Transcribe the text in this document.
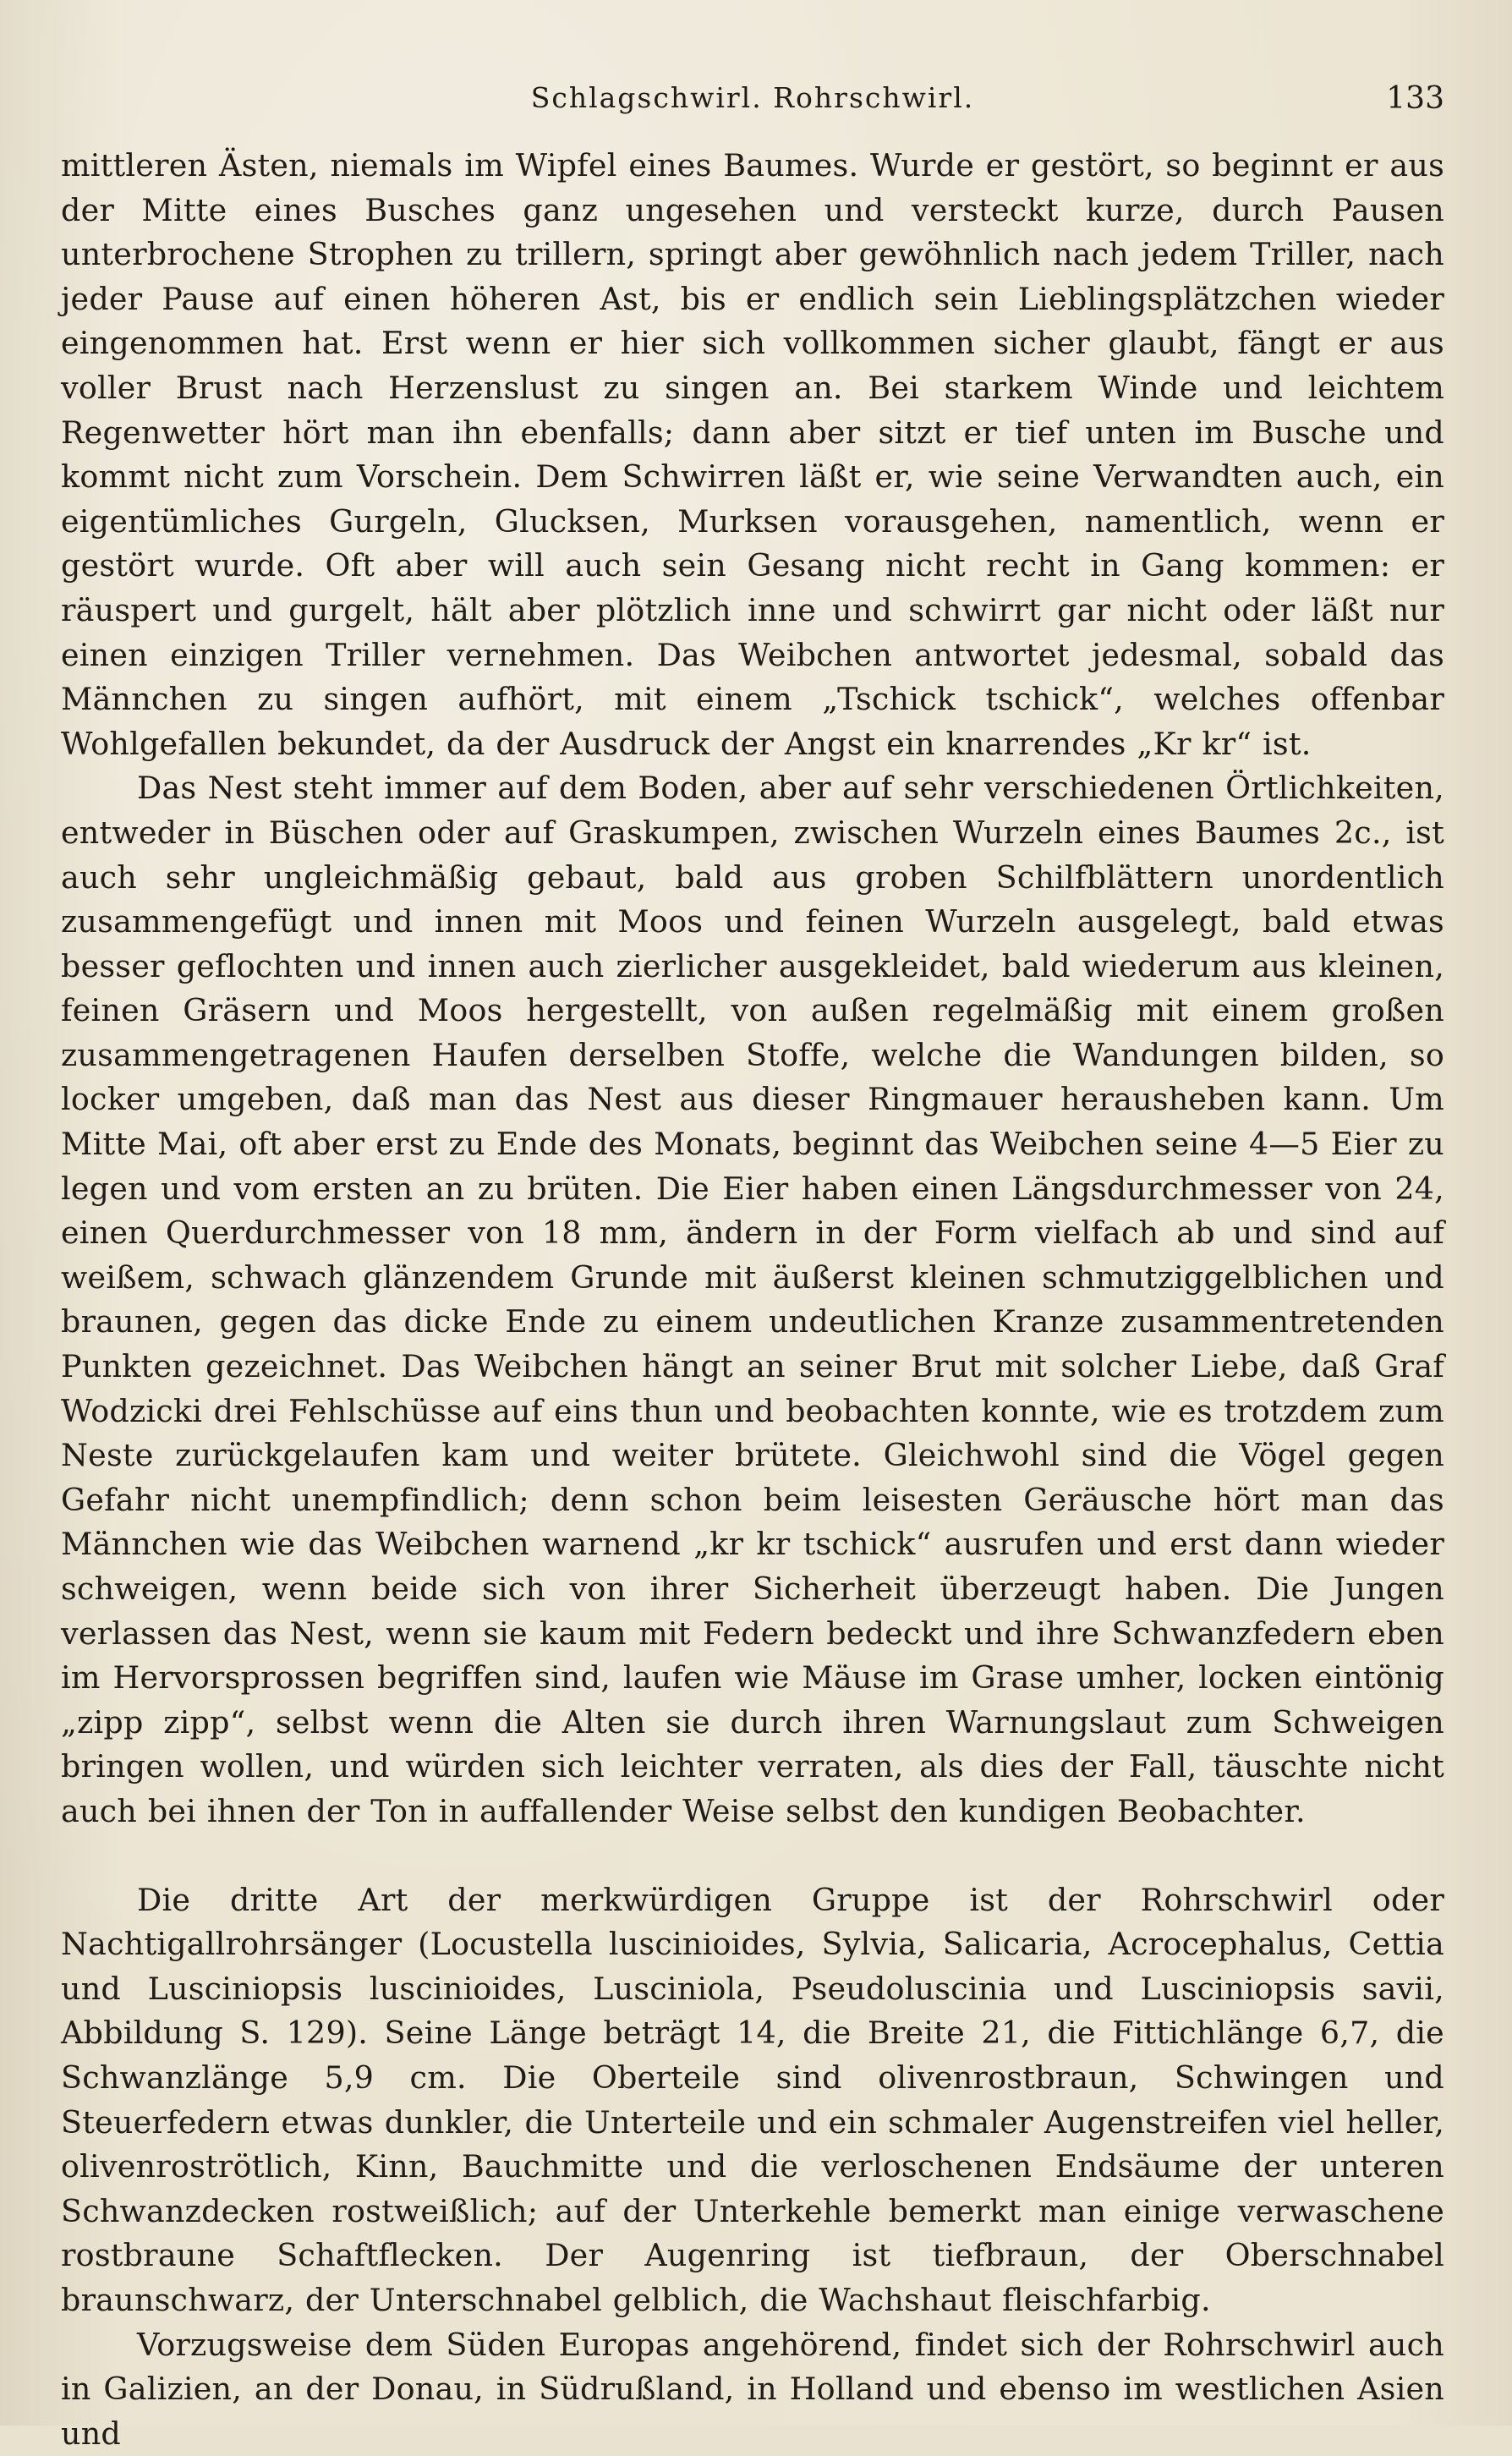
Schlagschwirl. Rohrschwirl.	133

mittleren Ästen, niemals im Wipfel eines Baumes. Wurde er gestört, so beginnt er aus der Mitte eines Busches ganz ungesehen und versteckt kurze, durch Pausen unterbrochene Strophen zu trillern, springt aber gewöhnlich nach jedem Triller, nach jeder Pause auf einen höheren Ast, bis er endlich sein Lieblingsplätzchen wieder eingenommen hat. Erst wenn er hier sich vollkommen sicher glaubt, fängt er aus voller Brust nach Herzenslust zu singen an. Bei starkem Winde und leichtem Regenwetter hört man ihn ebenfalls; dann aber sitzt er tief unten im Busche und kommt nicht zum Vorschein. Dem Schwirren läßt er, wie seine Verwandten auch, ein eigentümliches Gurgeln, Glucksen, Murksen vorausgehen, namentlich, wenn er gestört wurde. Oft aber will auch sein Gesang nicht recht in Gang kommen: er räuspert und gurgelt, hält aber plötzlich inne und schwirrt gar nicht oder läßt nur einen einzigen Triller vernehmen. Das Weibchen antwortet jedesmal, sobald das Männchen zu singen aufhört, mit einem „Tschick tschick“, welches offenbar Wohlgefallen bekundet, da der Ausdruck der Angst ein knarrendes „Kr kr“ ist.

Das Nest steht immer auf dem Boden, aber auf sehr verschiedenen Örtlichkeiten, entweder in Büschen oder auf Graskumpen, zwischen Wurzeln eines Baumes 2c., ist auch sehr ungleichmäßig gebaut, bald aus groben Schilfblättern unordentlich zusammengefügt und innen mit Moos und feinen Wurzeln ausgelegt, bald etwas besser geflochten und innen auch zierlicher ausgekleidet, bald wiederum aus kleinen, feinen Gräsern und Moos hergestellt, von außen regelmäßig mit einem großen zusammengetragenen Haufen derselben Stoffe, welche die Wandungen bilden, so locker umgeben, daß man das Nest aus dieser Ringmauer herausheben kann. Um Mitte Mai, oft aber erst zu Ende des Monats, beginnt das Weibchen seine 4—5 Eier zu legen und vom ersten an zu brüten. Die Eier haben einen Längsdurchmesser von 24, einen Querdurchmesser von 18 mm, ändern in der Form vielfach ab und sind auf weißem, schwach glänzendem Grunde mit äußerst kleinen schmutziggelblichen und braunen, gegen das dicke Ende zu einem undeutlichen Kranze zusammentretenden Punkten gezeichnet. Das Weibchen hängt an seiner Brut mit solcher Liebe, daß Graf Wodzicki drei Fehlschüsse auf eins thun und beobachten konnte, wie es trotzdem zum Neste zurückgelaufen kam und weiter brütete. Gleichwohl sind die Vögel gegen Gefahr nicht unempfindlich; denn schon beim leisesten Geräusche hört man das Männchen wie das Weibchen warnend „kr kr tschick“ ausrufen und erst dann wieder schweigen, wenn beide sich von ihrer Sicherheit überzeugt haben. Die Jungen verlassen das Nest, wenn sie kaum mit Federn bedeckt und ihre Schwanzfedern eben im Hervorsprossen begriffen sind, laufen wie Mäuse im Grase umher, locken eintönig „zipp zipp“, selbst wenn die Alten sie durch ihren Warnungslaut zum Schweigen bringen wollen, und würden sich leichter verraten, als dies der Fall, täuschte nicht auch bei ihnen der Ton in auffallender Weise selbst den kundigen Beobachter.

Die dritte Art der merkwürdigen Gruppe ist der Rohrschwirl oder Nachtigallrohrsänger (Locustella luscinioides, Sylvia, Salicaria, Acrocephalus, Cettia und Lusciniopsis luscinioides, Lusciniola, Pseudoluscinia und Lusciniopsis savii, Abbildung S. 129). Seine Länge beträgt 14, die Breite 21, die Fittichlänge 6,7, die Schwanzlänge 5,9 cm. Die Oberteile sind olivenrostbraun, Schwingen und Steuerfedern etwas dunkler, die Unterteile und ein schmaler Augenstreifen viel heller, olivenroströtlich, Kinn, Bauchmitte und die verloschenen Endsäume der unteren Schwanzdecken rostweißlich; auf der Unterkehle bemerkt man einige verwaschene rostbraune Schaftflecken. Der Augenring ist tiefbraun, der Oberschnabel braunschwarz, der Unterschnabel gelblich, die Wachshaut fleischfarbig.

Vorzugsweise dem Süden Europas angehörend, findet sich der Rohrschwirl auch in Galizien, an der Donau, in Südrußland, in Holland und ebenso im westlichen Asien und
